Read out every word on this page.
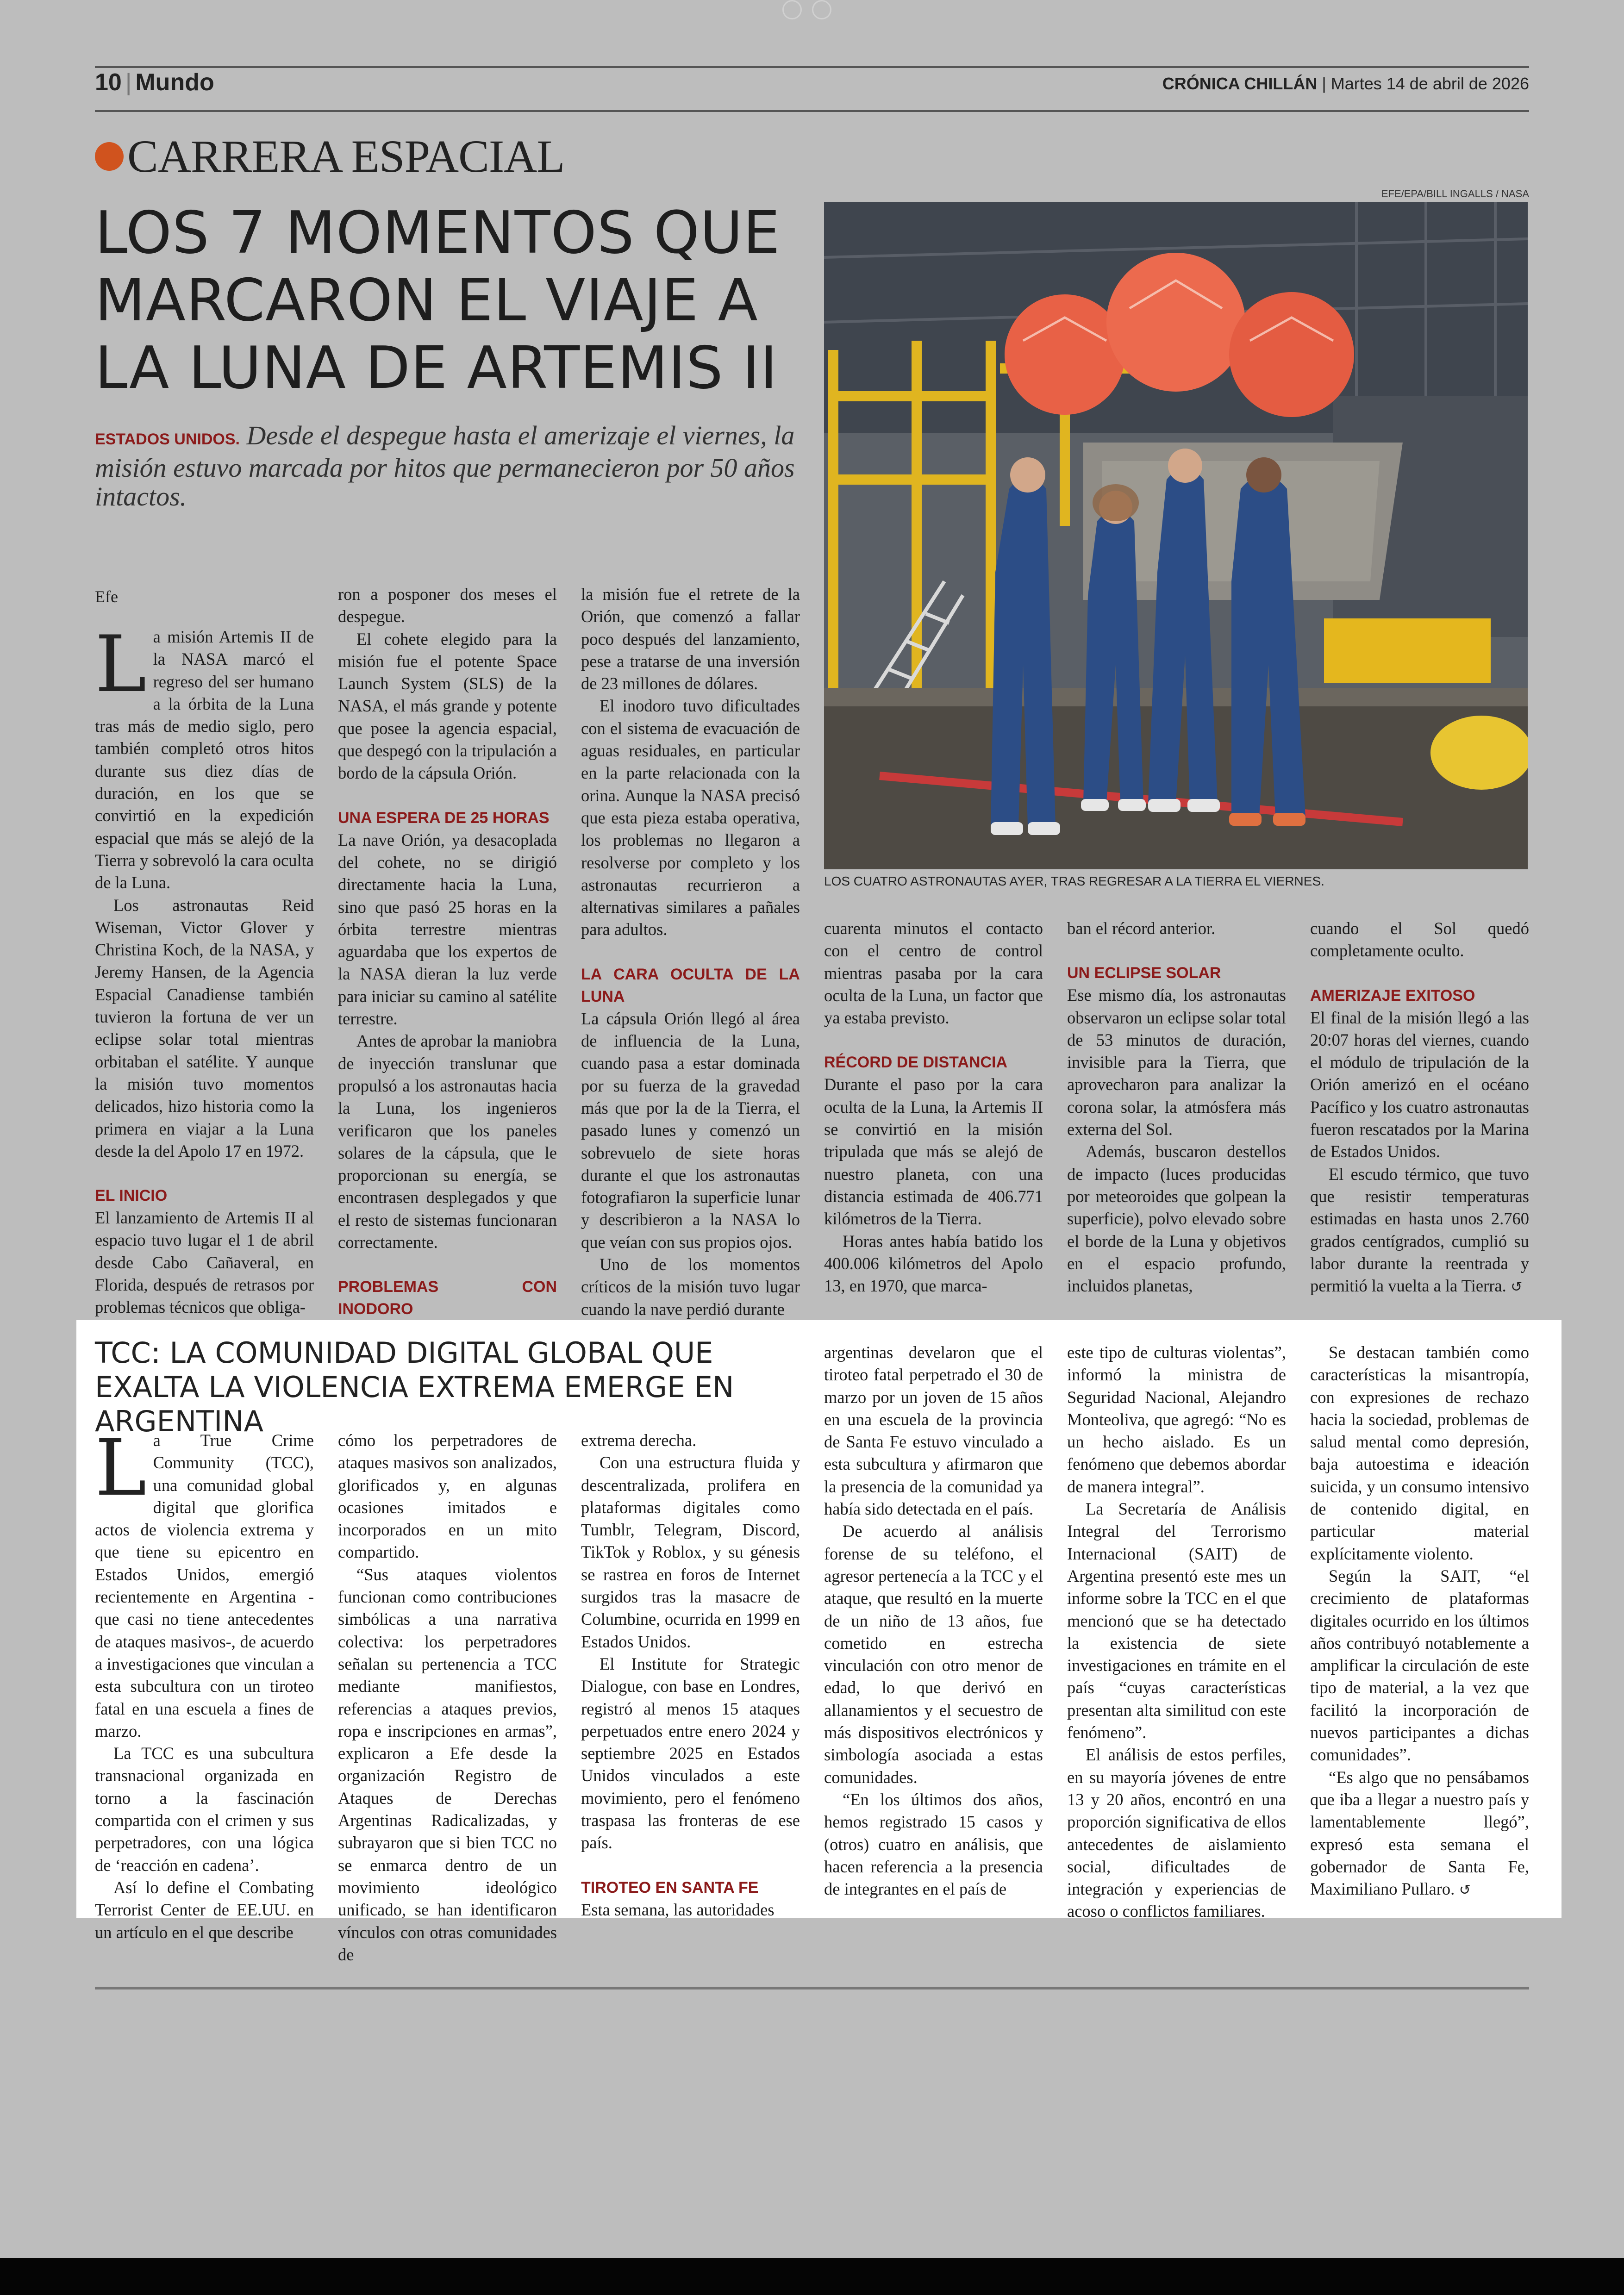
10 | Mundo	CRÓNICA CHILLÁN | Martes 14 de abril de 2026
CARRERA ESPACIAL
LOS 7 MOMENTOS QUE MARCARON EL VIAJE A LA LUNA DE ARTEMIS II
ESTADOS UNIDOS. Desde el despegue hasta el amerizaje el viernes, la misión estuvo marcada por hitos que permanecieron por 50 años intactos.
EFE/EPA/BILL INGALLS / NASA
LOS CUATRO ASTRONAUTAS AYER, TRAS REGRESAR A LA TIERRA EL VIERNES.
Efe
L a misión Artemis II de la NASA marcó el regreso del ser humano a la órbita de la Luna tras más de medio siglo, pero también completó otros hitos durante sus diez días de duración, en los que se convirtió en la expedición espacial que más se alejó de la Tierra y sobrevoló la cara oculta de la Luna.

Los astronautas Reid Wiseman, Victor Glover y Christina Koch, de la NASA, y Jeremy Hansen, de la Agencia Espacial Canadiense también tuvieron la fortuna de ver un eclipse solar total mientras orbitaban el satélite. Y aunque la misión tuvo momentos delicados, hizo historia como la primera en viajar a la Luna desde la del Apolo 17 en 1972.

EL INICIO

El lanzamiento de Artemis II al espacio tuvo lugar el 1 de abril desde Cabo Cañaveral, en Florida, después de retrasos por problemas técnicos que obliga-

ron a posponer dos meses el despegue.

El cohete elegido para la misión fue el potente Space Launch System (SLS) de la NASA, el más grande y potente que posee la agencia espacial, que despegó con la tripulación a bordo de la cápsula Orión.

UNA ESPERA DE 25 HORAS

La nave Orión, ya desacoplada del cohete, no se dirigió directamente hacia la Luna, sino que pasó 25 horas en la órbita terrestre mientras aguardaba que los expertos de la NASA dieran la luz verde para iniciar su camino al satélite terrestre.

Antes de aprobar la maniobra de inyección translunar que propulsó a los astronautas hacia la Luna, los ingenieros verificaron que los paneles solares de la cápsula, que le proporcionan su energía, se encontrasen desplegados y que el resto de sistemas funcionaran correctamente.

PROBLEMAS CON INODORO

la misión fue el retrete de la Orión, que comenzó a fallar poco después del lanzamiento, pese a tratarse de una inversión de 23 millones de dólares.

El inodoro tuvo dificultades con el sistema de evacuación de aguas residuales, en particular en la parte relacionada con la orina. Aunque la NASA precisó que esta pieza estaba operativa, los problemas no llegaron a resolverse por completo y los astronautas recurrieron a alternativas similares a pañales para adultos.

LA CARA OCULTA DE LA LUNA

La cápsula Orión llegó al área de influencia de la Luna, cuando pasa a estar dominada por su fuerza de la gravedad más que por la de la Tierra, el pasado lunes y comenzó un sobrevuelo de siete horas durante el que los astronautas fotografiaron la superficie lunar y describieron a la NASA lo que veían con sus propios ojos.

Uno de los momentos críticos de la misión tuvo lugar cuando la nave perdió durante

cuarenta minutos el contacto con el centro de control mientras pasaba por la cara oculta de la Luna, un factor que ya estaba previsto.

RÉCORD DE DISTANCIA

Durante el paso por la cara oculta de la Luna, la Artemis II se convirtió en la misión tripulada que más se alejó de nuestro planeta, con una distancia estimada de 406.771 kilómetros de la Tierra.

Horas antes había batido los 400.006 kilómetros del Apolo 13, en 1970, que marca-

ban el récord anterior.

UN ECLIPSE SOLAR

Ese mismo día, los astronautas observaron un eclipse solar total de 53 minutos de duración, invisible para la Tierra, que aprovecharon para analizar la corona solar, la atmósfera más externa del Sol.

Además, buscaron destellos de impacto (luces producidas por meteoroides que golpean la superficie), polvo elevado sobre el borde de la Luna y objetivos en el espacio profundo, incluidos planetas,

cuando el Sol quedó completamente oculto.

AMERIZAJE EXITOSO

El final de la misión llegó a las 20:07 horas del viernes, cuando el módulo de tripulación de la Orión amerizó en el océano Pacífico y los cuatro astronautas fueron rescatados por la Marina de Estados Unidos.

El escudo térmico, que tuvo que resistir temperaturas estimadas en hasta unos 2.760 grados centígrados, cumplió su labor durante la reentrada y permitió la vuelta a la Tierra. ↺

TCC: LA COMUNIDAD DIGITAL GLOBAL QUE EXALTA LA VIOLENCIA EXTREMA EMERGE EN ARGENTINA
L a True Crime Community (TCC), una comunidad global digital que glorifica actos de violencia extrema y que tiene su epicentro en Estados Unidos, emergió recientemente en Argentina -que casi no tiene antecedentes de ataques masivos-, de acuerdo a investigaciones que vinculan a esta subcultura con un tiroteo fatal en una escuela a fines de marzo.

La TCC es una subcultura transnacional organizada en torno a la fascinación compartida con el crimen y sus perpetradores, con una lógica de ‘reacción en cadena’.

Así lo define el Combating Terrorist Center de EE.UU. en un artículo en el que describe

cómo los perpetradores de ataques masivos son analizados, glorificados y, en algunas ocasiones imitados e incorporados en un mito compartido.

“Sus ataques violentos funcionan como contribuciones simbólicas a una narrativa colectiva: los perpetradores señalan su pertenencia a TCC mediante manifiestos, referencias a ataques previos, ropa e inscripciones en armas”, explicaron a Efe desde la organización Registro de Ataques de Derechas Argentinas Radicalizadas, y subrayaron que si bien TCC no se enmarca dentro de un movimiento ideológico unificado, se han identificaron vínculos con otras comunidades de

extrema derecha.

Con una estructura fluida y descentralizada, prolifera en plataformas digitales como Tumblr, Telegram, Discord, TikTok y Roblox, y su génesis se rastrea en foros de Internet surgidos tras la masacre de Columbine, ocurrida en 1999 en Estados Unidos.

El Institute for Strategic Dialogue, con base en Londres, registró al menos 15 ataques perpetuados entre enero 2024 y septiembre 2025 en Estados Unidos vinculados a este movimiento, pero el fenómeno traspasa las fronteras de ese país.

TIROTEO EN SANTA FE

Esta semana, las autoridades

argentinas develaron que el tiroteo fatal perpetrado el 30 de marzo por un joven de 15 años en una escuela de la provincia de Santa Fe estuvo vinculado a esta subcultura y afirmaron que la presencia de la comunidad ya había sido detectada en el país.

De acuerdo al análisis forense de su teléfono, el agresor pertenecía a la TCC y el ataque, que resultó en la muerte de un niño de 13 años, fue cometido en estrecha vinculación con otro menor de edad, lo que derivó en allanamientos y el secuestro de más dispositivos electrónicos y simbología asociada a estas comunidades.

“En los últimos dos años, hemos registrado 15 casos y (otros) cuatro en análisis, que hacen referencia a la presencia de integrantes en el país de

este tipo de culturas violentas”, informó la ministra de Seguridad Nacional, Alejandro Monteoliva, que agregó: “No es un hecho aislado. Es un fenómeno que debemos abordar de manera integral”.

La Secretaría de Análisis Integral del Terrorismo Internacional (SAIT) de Argentina presentó este mes un informe sobre la TCC en el que mencionó que se ha detectado la existencia de siete investigaciones en trámite en el país “cuyas características presentan alta similitud con este fenómeno”.

El análisis de estos perfiles, en su mayoría jóvenes de entre 13 y 20 años, encontró en una proporción significativa de ellos antecedentes de aislamiento social, dificultades de integración y experiencias de acoso o conflictos familiares.

Se destacan también como características la misantropía, con expresiones de rechazo hacia la sociedad, problemas de salud mental como depresión, baja autoestima e ideación suicida, y un consumo intensivo de contenido digital, en particular material explícitamente violento.

Según la SAIT, “el crecimiento de plataformas digitales ocurrido en los últimos años contribuyó notablemente a amplificar la circulación de este tipo de material, a la vez que facilitó la incorporación de nuevos participantes a dichas comunidades”.

“Es algo que no pensábamos que iba a llegar a nuestro país y lamentablemente llegó”, expresó esta semana el gobernador de Santa Fe, Maximiliano Pullaro. ↺
